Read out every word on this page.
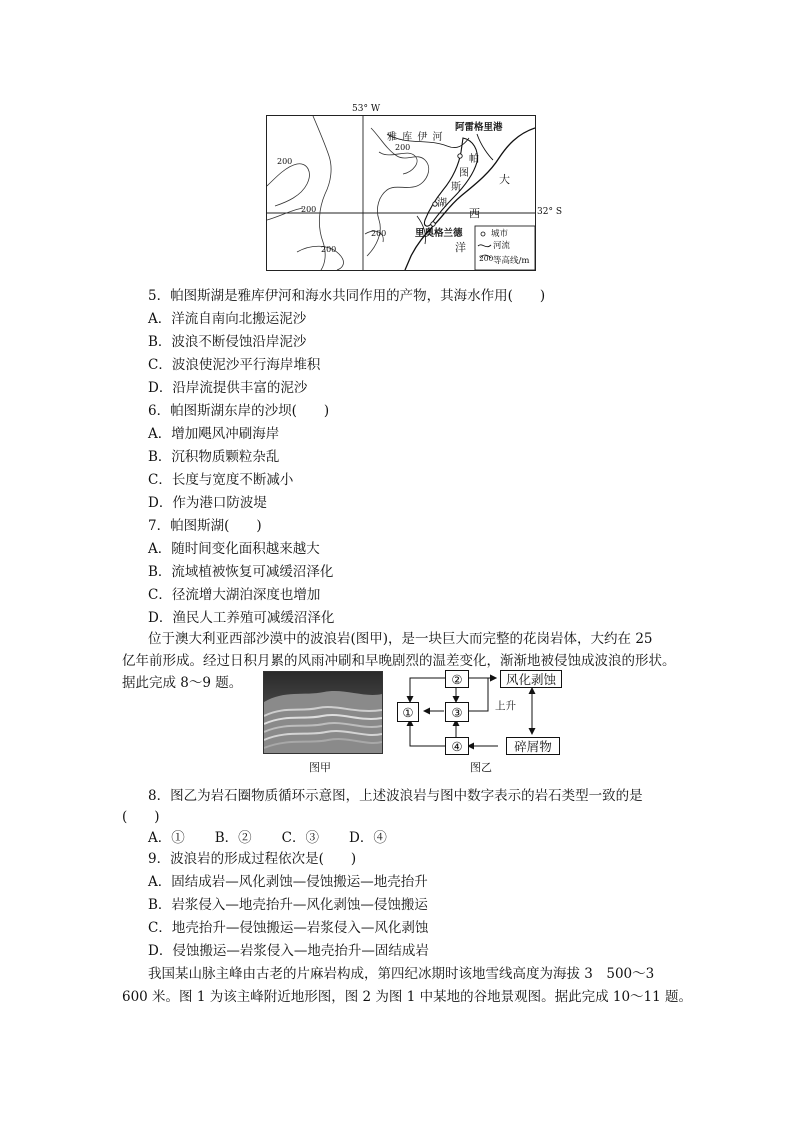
阿雷格里港
雅 库 伊 河
帕
图
斯
湖
大
西
洋
里奥格兰德
200
200
200
200
200
城市
河流
200 等高线/m
53° W
32° S
5．帕图斯湖是雅库伊河和海水共同作用的产物，其海水作用(　　)
A．洋流自南向北搬运泥沙
B．波浪不断侵蚀沿岸泥沙
C．波浪使泥沙平行海岸堆积
D．沿岸流提供丰富的泥沙
6．帕图斯湖东岸的沙坝(　　)
A．增加飓风冲刷海岸
B．沉积物质颗粒杂乱
C．长度与宽度不断减小
D．作为港口防波堤
7．帕图斯湖(　　)
A．随时间变化面积越来越大
B．流域植被恢复可减缓沼泽化
C．径流增大湖泊深度也增加
D．渔民人工养殖可减缓沼泽化
位于澳大利亚西部沙漠中的波浪岩(图甲)，是一块巨大而完整的花岗岩体，大约在 25
亿年前形成。经过日积月累的风雨冲刷和早晚剧烈的温差变化，渐渐地被侵蚀成波浪的形状。
据此完成 8～9 题。
图甲
①
②
③
④
风化剥蚀
碎屑物
上升
图乙
8．图乙为岩石圈物质循环示意图，上述波浪岩与图中数字表示的岩石类型一致的是
(　　)
A．① B．② C．③ D．④
9．波浪岩的形成过程依次是(　　)
A．固结成岩—风化剥蚀—侵蚀搬运—地壳抬升
B．岩浆侵入—地壳抬升—风化剥蚀—侵蚀搬运
C．地壳抬升—侵蚀搬运—岩浆侵入—风化剥蚀
D．侵蚀搬运—岩浆侵入—地壳抬升—固结成岩
我国某山脉主峰由古老的片麻岩构成，第四纪冰期时该地雪线高度为海拔 3　500～3
600 米。图 1 为该主峰附近地形图，图 2 为图 1 中某地的谷地景观图。据此完成 10～11 题。
